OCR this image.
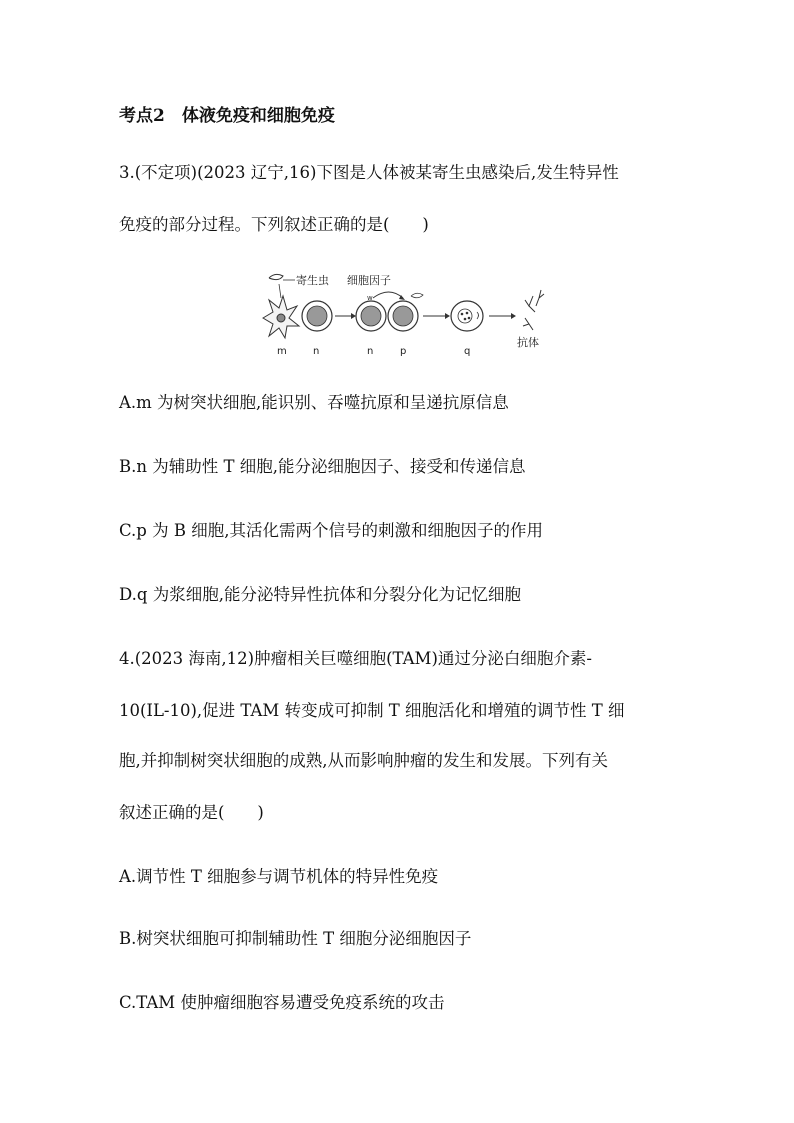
考点2　体液免疫和细胞免疫
3.(不定项)(2023 辽宁,16)下图是人体被某寄生虫感染后,发生特异性
免疫的部分过程。下列叙述正确的是(　　)
寄生虫
w
细胞因子
抗体
m	n	n	p	q
A.m 为树突状细胞,能识别、吞噬抗原和呈递抗原信息
B.n 为辅助性 T 细胞,能分泌细胞因子、接受和传递信息
C.p 为 B 细胞,其活化需两个信号的刺激和细胞因子的作用
D.q 为浆细胞,能分泌特异性抗体和分裂分化为记忆细胞
4.(2023 海南,12)肿瘤相关巨噬细胞(TAM)通过分泌白细胞介素-
10(IL-10),促进 TAM 转变成可抑制 T 细胞活化和增殖的调节性 T 细
胞,并抑制树突状细胞的成熟,从而影响肿瘤的发生和发展。下列有关
叙述正确的是(　　)
A.调节性 T 细胞参与调节机体的特异性免疫
B.树突状细胞可抑制辅助性 T 细胞分泌细胞因子
C.TAM 使肿瘤细胞容易遭受免疫系统的攻击
